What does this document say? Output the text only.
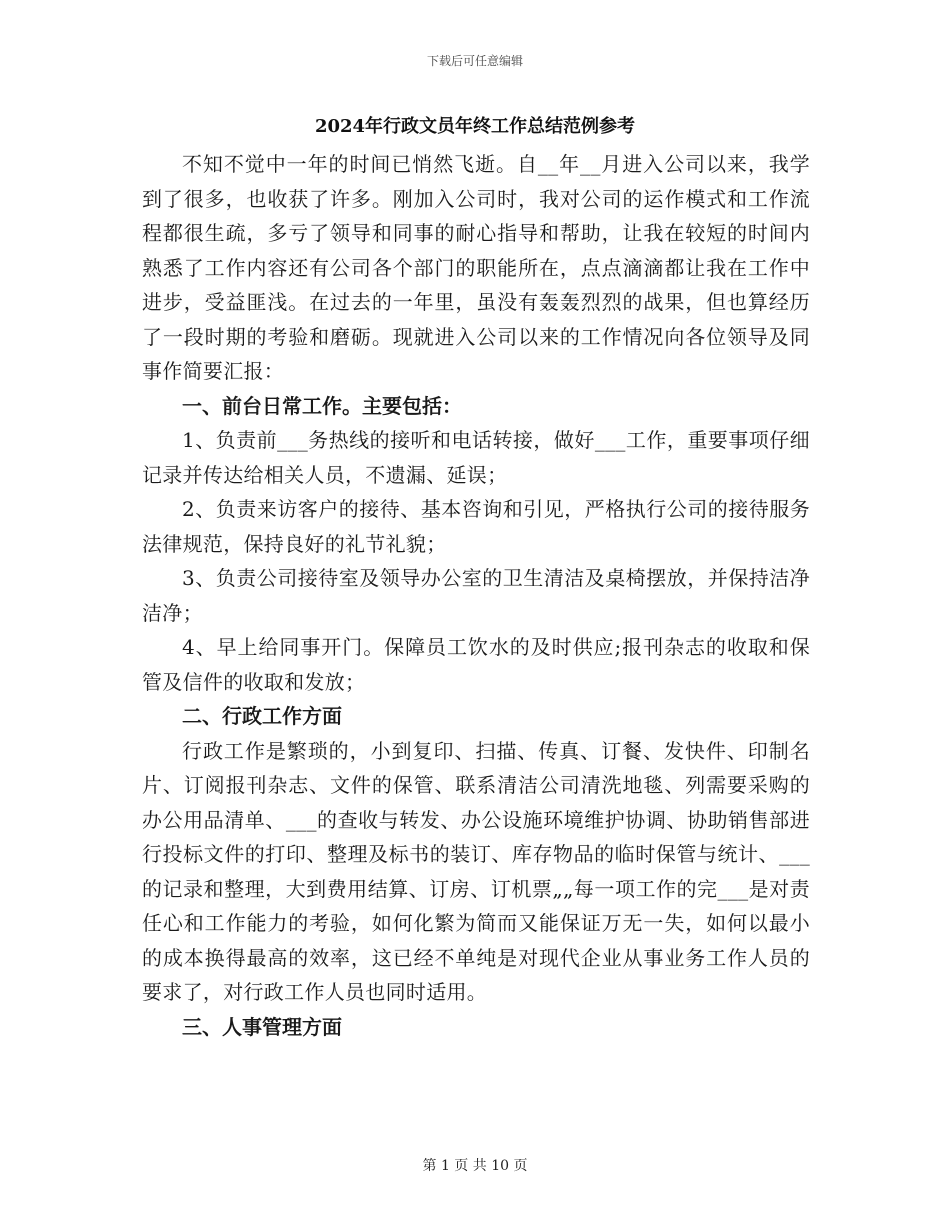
下载后可任意编辑
2024年行政文员年终工作总结范例参考

不知不觉中一年的时间已悄然飞逝。自__年__月进入公司以来，我学到了很多，也收获了许多。刚加入公司时，我对公司的运作模式和工作流程都很生疏，多亏了领导和同事的耐心指导和帮助，让我在较短的时间内熟悉了工作内容还有公司各个部门的职能所在，点点滴滴都让我在工作中进步，受益匪浅。在过去的一年里，虽没有轰轰烈烈的战果，但也算经历了一段时期的考验和磨砺。现就进入公司以来的工作情况向各位领导及同事作简要汇报：

一、前台日常工作。主要包括：

1、负责前___务热线的接听和电话转接，做好___工作，重要事项仔细记录并传达给相关人员，不遗漏、延误；

2、负责来访客户的接待、基本咨询和引见，严格执行公司的接待服务法律规范，保持良好的礼节礼貌；

3、负责公司接待室及领导办公室的卫生清洁及桌椅摆放，并保持洁净洁净；

4、早上给同事开门。保障员工饮水的及时供应;报刊杂志的收取和保管及信件的收取和发放；

二、行政工作方面

行政工作是繁琐的，小到复印、扫描、传真、订餐、发快件、印制名片、订阅报刊杂志、文件的保管、联系清洁公司清洗地毯、列需要采购的办公用品清单、___的查收与转发、办公设施环境维护协调、协助销售部进行投标文件的打印、整理及标书的装订、库存物品的临时保管与统计、___的记录和整理，大到费用结算、订房、订机票„„每一项工作的完___是对责任心和工作能力的考验，如何化繁为简而又能保证万无一失，如何以最小的成本换得最高的效率，这已经不单纯是对现代企业从事业务工作人员的要求了，对行政工作人员也同时适用。

三、人事管理方面

第 1 页 共 10 页
